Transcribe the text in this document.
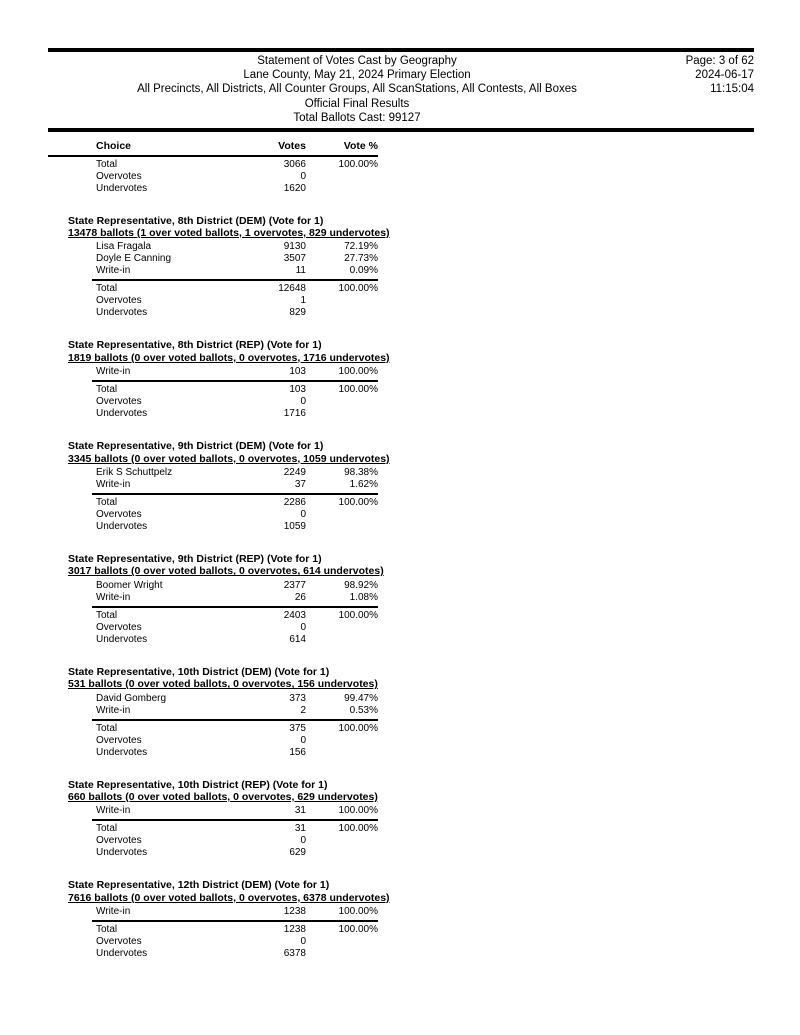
Statement of Votes Cast by Geography
Lane County, May 21, 2024 Primary Election
All Precincts, All Districts, All Counter Groups, All ScanStations, All Contests, All Boxes
Official Final Results
Total Ballots Cast: 99127
Page: 3 of 62
2024-06-17
11:15:04
Choice	Votes	Vote %
Total	3066	100.00%
Overvotes	0
Undervotes	1620
State Representative, 8th District (DEM) (Vote for 1)
13478 ballots (1 over voted ballots, 1 overvotes, 829 undervotes)
Lisa Fragala	9130	72.19%
Doyle E Canning	3507	27.73%
Write-in	11	0.09%
Total	12648	100.00%
Overvotes	1
Undervotes	829
State Representative, 8th District (REP) (Vote for 1)
1819 ballots (0 over voted ballots, 0 overvotes, 1716 undervotes)
Write-in	103	100.00%
Total	103	100.00%
Overvotes	0
Undervotes	1716
State Representative, 9th District (DEM) (Vote for 1)
3345 ballots (0 over voted ballots, 0 overvotes, 1059 undervotes)
Erik S Schuttpelz	2249	98.38%
Write-in	37	1.62%
Total	2286	100.00%
Overvotes	0
Undervotes	1059
State Representative, 9th District (REP) (Vote for 1)
3017 ballots (0 over voted ballots, 0 overvotes, 614 undervotes)
Boomer Wright	2377	98.92%
Write-in	26	1.08%
Total	2403	100.00%
Overvotes	0
Undervotes	614
State Representative, 10th District (DEM) (Vote for 1)
531 ballots (0 over voted ballots, 0 overvotes, 156 undervotes)
David Gomberg	373	99.47%
Write-in	2	0.53%
Total	375	100.00%
Overvotes	0
Undervotes	156
State Representative, 10th District (REP) (Vote for 1)
660 ballots (0 over voted ballots, 0 overvotes, 629 undervotes)
Write-in	31	100.00%
Total	31	100.00%
Overvotes	0
Undervotes	629
State Representative, 12th District (DEM) (Vote for 1)
7616 ballots (0 over voted ballots, 0 overvotes, 6378 undervotes)
Write-in	1238	100.00%
Total	1238	100.00%
Overvotes	0
Undervotes	6378
